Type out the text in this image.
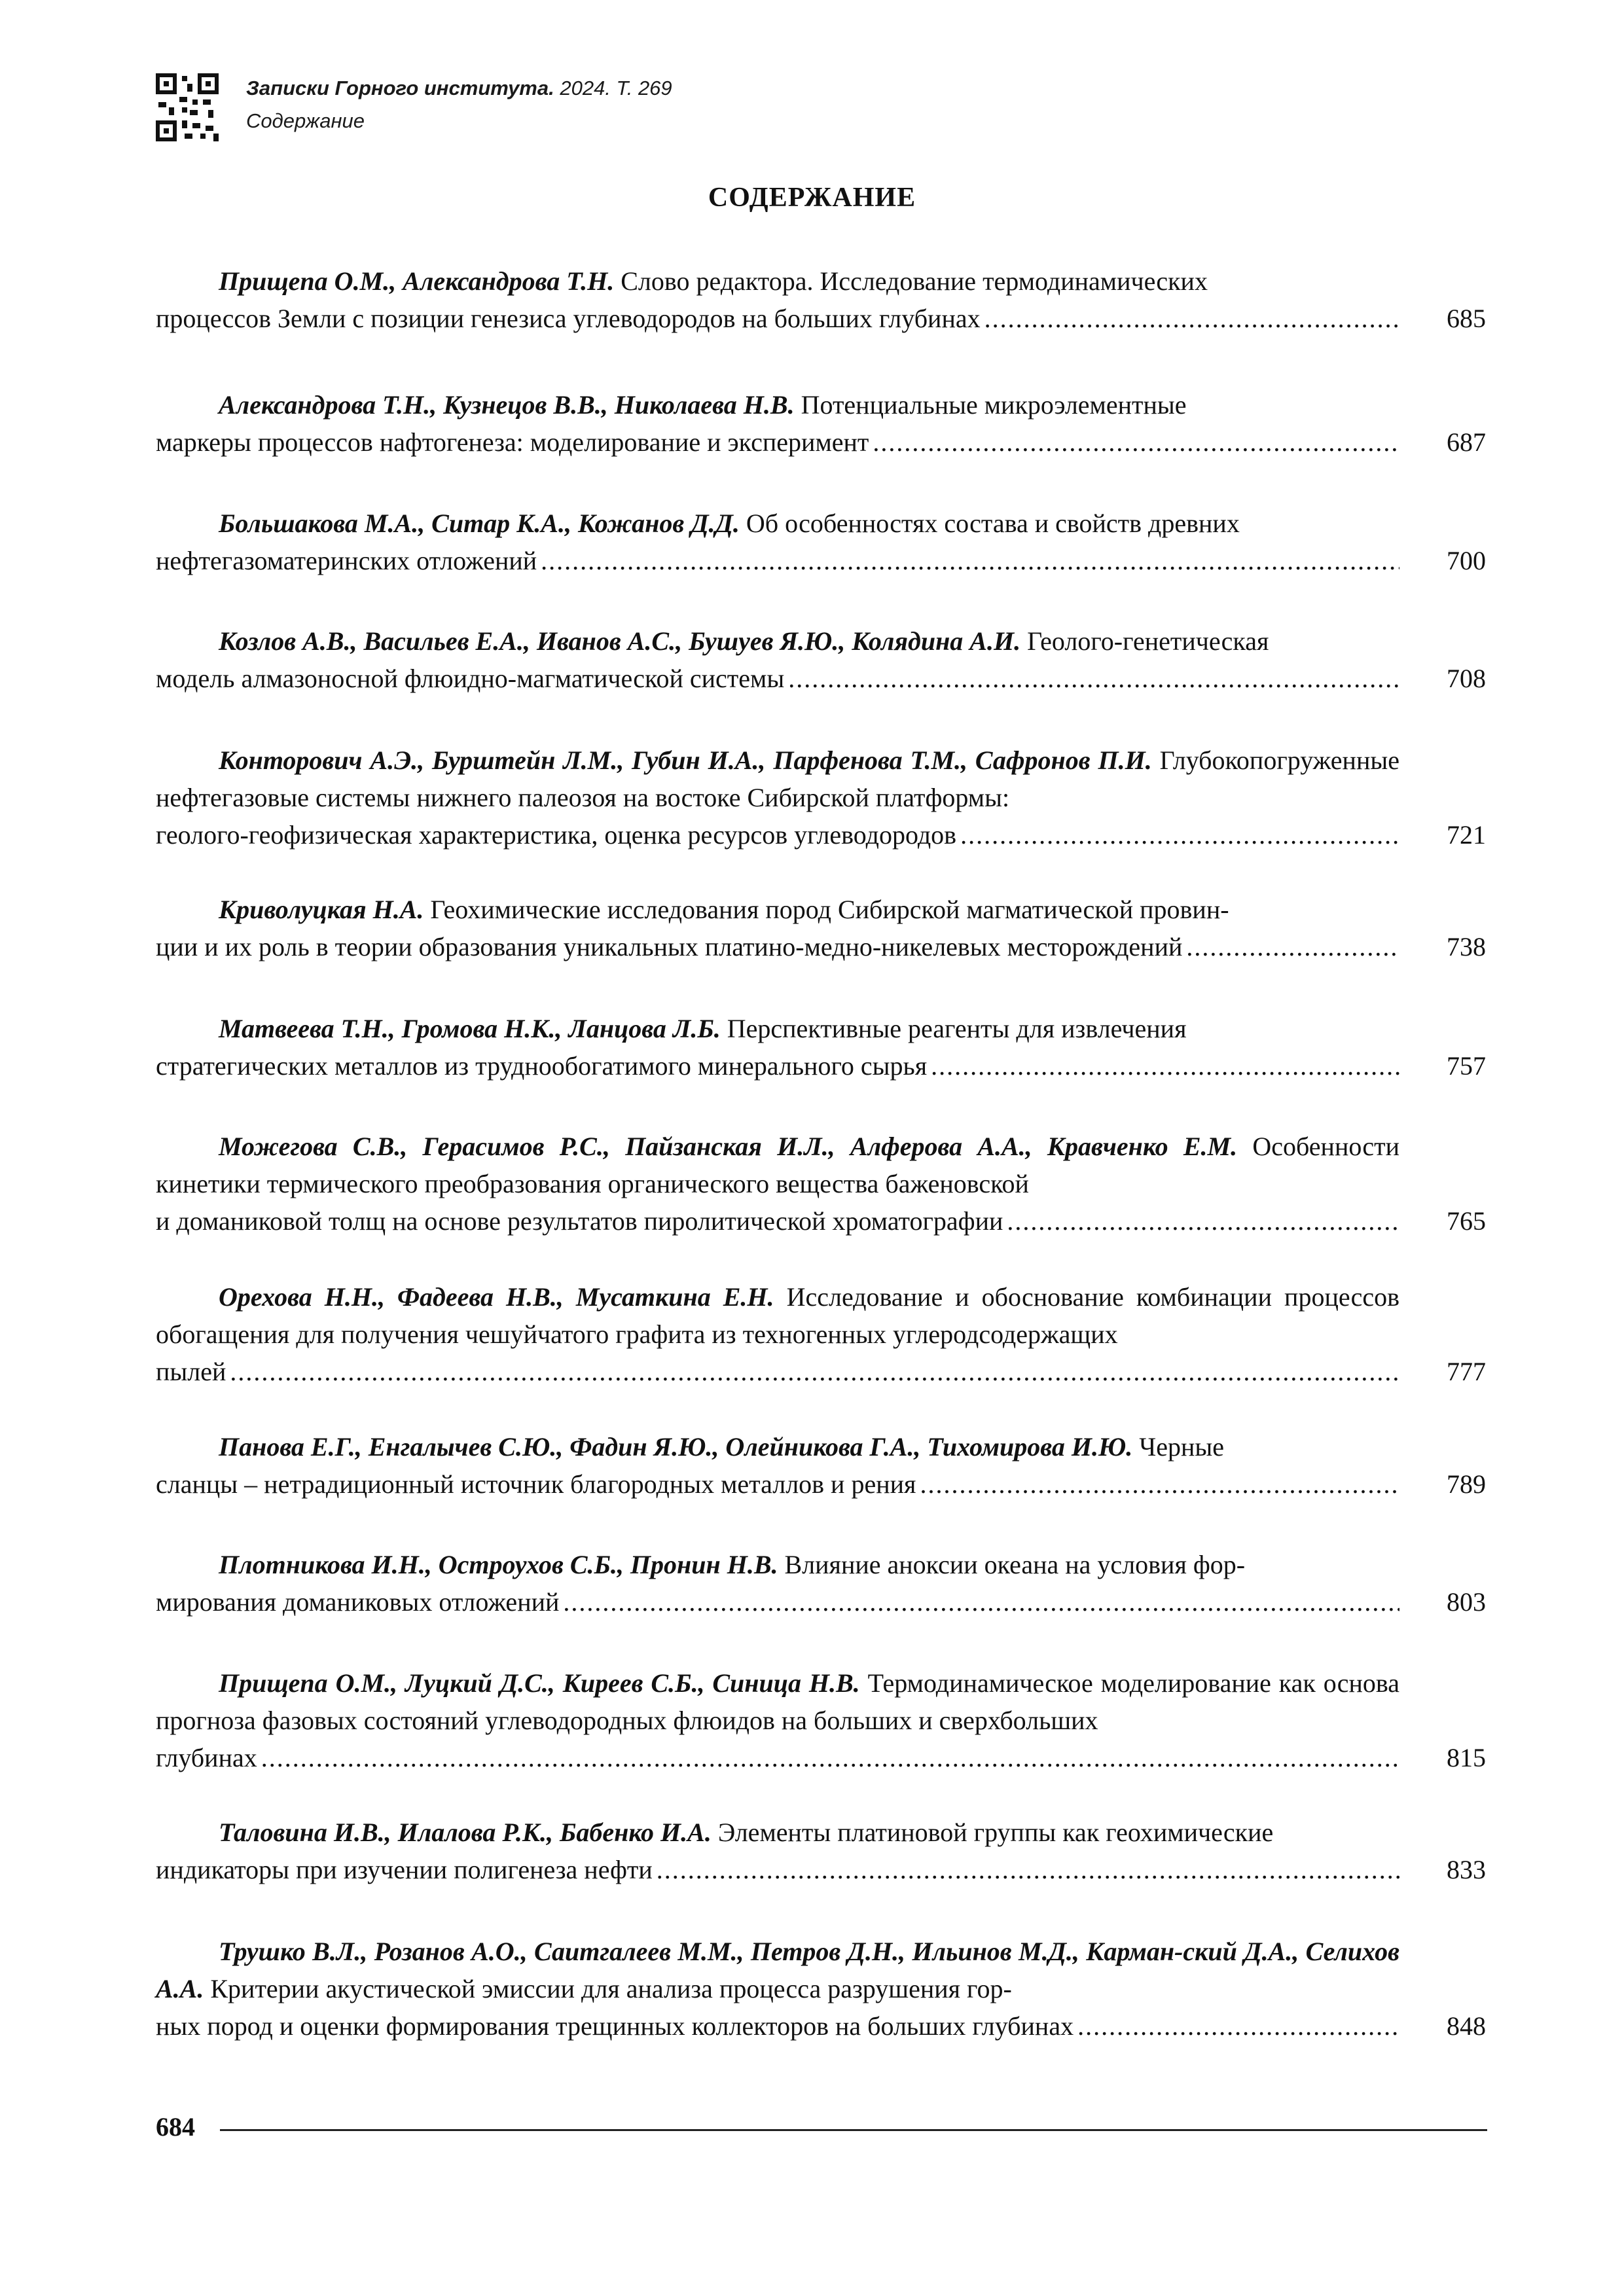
Записки Горного института. 2024. Т. 269
Содержание
СОДЕРЖАНИЕ
Прищепа О.М., Александрова Т.Н. Слово редактора. Исследование термодинамических
процессов Земли с позиции генезиса углеводородов на больших глубинах .....	685
Александрова Т.Н., Кузнецов В.В., Николаева Н.В. Потенциальные микроэлементные
маркеры процессов нафтогенеза: моделирование и эксперимент .....	687
Большакова М.А., Ситар К.А., Кожанов Д.Д. Об особенностях состава и свойств древних
нефтегазоматеринских отложений .....	700
Козлов А.В., Васильев Е.А., Иванов А.С., Бушуев Я.Ю., Колядина А.И. Геолого-генетическая
модель алмазоносной флюидно-магматической системы .....	708
Конторович А.Э., Бурштейн Л.М., Губин И.А., Парфенова Т.М., Сафронов П.И. Глубокопогруженные нефтегазовые системы нижнего палеозоя на востоке Сибирской платформы:
геолого-геофизическая характеристика, оценка ресурсов углеводородов .....	721
Криволуцкая Н.А. Геохимические исследования пород Сибирской магматической провин-
ции и их роль в теории образования уникальных платино-медно-никелевых месторождений .....	738
Матвеева Т.Н., Громова Н.К., Ланцова Л.Б. Перспективные реагенты для извлечения
стратегических металлов из труднообогатимого минерального сырья .....	757
Можегова С.В., Герасимов Р.С., Пайзанская И.Л., Алферова А.А., Кравченко Е.М. Особенности кинетики термического преобразования органического вещества баженовской
и доманиковой толщ на основе результатов пиролитической хроматографии .....	765
Орехова Н.Н., Фадеева Н.В., Мусаткина Е.Н. Исследование и обоснование комбинации процессов обогащения для получения чешуйчатого графита из техногенных углеродсодержащих
пылей .....	777
Панова Е.Г., Енгалычев С.Ю., Фадин Я.Ю., Олейникова Г.А., Тихомирова И.Ю. Черные
сланцы – нетрадиционный источник благородных металлов и рения .....	789
Плотникова И.Н., Остроухов С.Б., Пронин Н.В. Влияние аноксии океана на условия фор-
мирования доманиковых отложений .....	803
Прищепа О.М., Луцкий Д.С., Киреев С.Б., Синица Н.В. Термодинамическое моделирование как основа прогноза фазовых состояний углеводородных флюидов на больших и сверхбольших
глубинах .....	815
Таловина И.В., Илалова Р.К., Бабенко И.А. Элементы платиновой группы как геохимические
индикаторы при изучении полигенеза нефти .....	833
Трушко В.Л., Розанов А.О., Саитгалеев М.М., Петров Д.Н., Ильинов М.Д., Карман-ский Д.А., Селихов А.А. Критерии акустической эмиссии для анализа процесса разрушения гор-
ных пород и оценки формирования трещинных коллекторов на больших глубинах .....	848
684
